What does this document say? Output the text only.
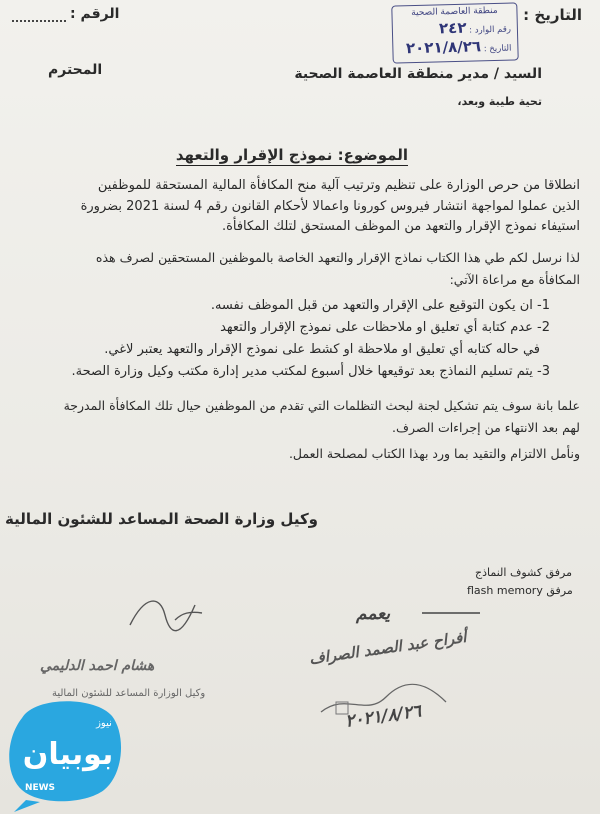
التاريخ :
الرقم :	منطقة العاصمة الصحية
رقم الوارد : ٢٤٢
التاريخ : ٢٠٢١/٨/٢٦
السيد / مدير منطقة العاصمة الصحية
المحترم
تحية طيبة وبعد،
الموضوع: نموذج الإقرار والتعهد
انطلاقا من حرص الوزارة على تنظيم وترتيب آلية منح المكافأة المالية المستحقة للموظفين
الذين عملوا لمواجهة انتشار فيروس كورونا واعمالا لأحكام القانون رقم 4 لسنة 2021 بضرورة
استيفاء نموذج الإقرار والتعهد من الموظف المستحق لتلك المكافأة.
لذا نرسل لكم طي هذا الكتاب نماذج الإقرار والتعهد الخاصة بالموظفين المستحقين لصرف هذه
المكافأة مع مراعاة الآتي:
1- ان يكون التوقيع على الإقرار والتعهد من قبل الموظف نفسه.
2- عدم كتابة أي تعليق او ملاحظات على نموذج الإقرار والتعهد
في حاله كتابه أي تعليق او ملاحظة او كشط على نموذج الإقرار والتعهد يعتبر لاغي.
3- يتم تسليم النماذج بعد توقيعها خلال أسبوع لمكتب مدير إدارة مكتب وكيل وزارة الصحة.
علما بانة سوف يتم تشكيل لجنة لبحث التظلمات التي تقدم من الموظفين حيال تلك المكافأة المدرجة
لهم بعد الانتهاء من إجراءات الصرف.
ونأمل الالتزام والتقيد بما ورد بهذا الكتاب لمصلحة العمل.
وكيل وزارة الصحة المساعد للشئون المالية
مرفق كشوف النماذج
flash memory مرفق
هشام احمد الدليمي
وكيل الوزارة المساعد للشئون المالية
يعمم
أفراح عبد الصمد الصراف
٢٠٢١/٨/٢٦
بوبيان
نيوز
NEWS
